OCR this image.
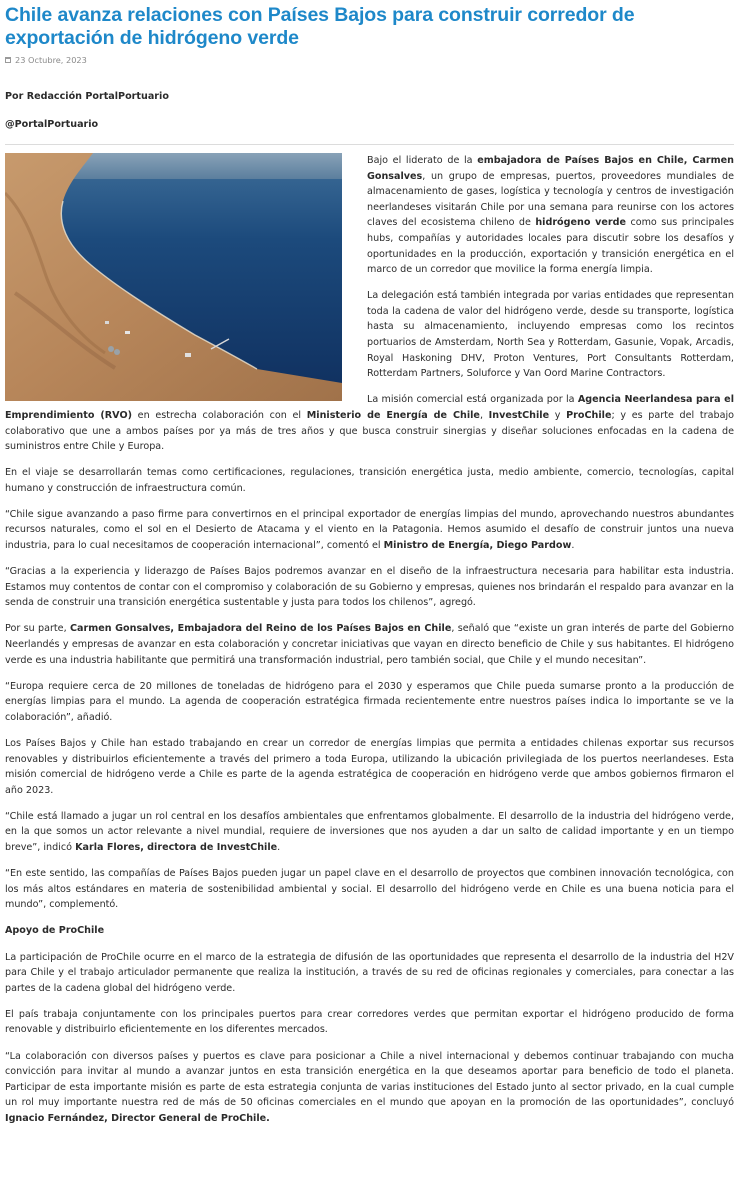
Chile avanza relaciones con Países Bajos para construir corredor de exportación de hidrógeno verde
23 Octubre, 2023

Por Redacción PortalPortuario

@PortalPortuario

Bajo el liderato de la embajadora de Países Bajos en Chile, Carmen Gonsalves, un grupo de empresas, puertos, proveedores mundiales de almacenamiento de gases, logística y tecnología y centros de investigación neerlandeses visitarán Chile por una semana para reunirse con los actores claves del ecosistema chileno de hidrógeno verde como sus principales hubs, compañías y autoridades locales para discutir sobre los desafíos y oportunidades en la producción, exportación y transición energética en el marco de un corredor que movilice la forma energía limpia.

La delegación está también integrada por varias entidades que representan toda la cadena de valor del hidrógeno verde, desde su transporte, logística hasta su almacenamiento, incluyendo empresas como los recintos portuarios de Amsterdam, North Sea y Rotterdam, Gasunie, Vopak, Arcadis, Royal Haskoning DHV, Proton Ventures, Port Consultants Rotterdam, Rotterdam Partners, Soluforce y Van Oord Marine Contractors.

La misión comercial está organizada por la Agencia Neerlandesa para el Emprendimiento (RVO) en estrecha colaboración con el Ministerio de Energía de Chile, InvestChile y ProChile; y es parte del trabajo colaborativo que une a ambos países por ya más de tres años y que busca construir sinergias y diseñar soluciones enfocadas en la cadena de suministros entre Chile y Europa.

En el viaje se desarrollarán temas como certificaciones, regulaciones, transición energética justa, medio ambiente, comercio, tecnologías, capital humano y construcción de infraestructura común.

“Chile sigue avanzando a paso firme para convertirnos en el principal exportador de energías limpias del mundo, aprovechando nuestros abundantes recursos naturales, como el sol en el Desierto de Atacama y el viento en la Patagonia. Hemos asumido el desafío de construir juntos una nueva industria, para lo cual necesitamos de cooperación internacional”, comentó el Ministro de Energía, Diego Pardow.

“Gracias a la experiencia y liderazgo de Países Bajos podremos avanzar en el diseño de la infraestructura necesaria para habilitar esta industria. Estamos muy contentos de contar con el compromiso y colaboración de su Gobierno y empresas, quienes nos brindarán el respaldo para avanzar en la senda de construir una transición energética sustentable y justa para todos los chilenos”, agregó.

Por su parte, Carmen Gonsalves, Embajadora del Reino de los Países Bajos en Chile, señaló que “existe un gran interés de parte del Gobierno Neerlandés y empresas de avanzar en esta colaboración y concretar iniciativas que vayan en directo beneficio de Chile y sus habitantes. El hidrógeno verde es una industria habilitante que permitirá una transformación industrial, pero también social, que Chile y el mundo necesitan”.

“Europa requiere cerca de 20 millones de toneladas de hidrógeno para el 2030 y esperamos que Chile pueda sumarse pronto a la producción de energías limpias para el mundo. La agenda de cooperación estratégica firmada recientemente entre nuestros países indica lo importante se ve la colaboración”, añadió.

Los Países Bajos y Chile han estado trabajando en crear un corredor de energías limpias que permita a entidades chilenas exportar sus recursos renovables y distribuirlos eficientemente a través del primero a toda Europa, utilizando la ubicación privilegiada de los puertos neerlandeses. Esta misión comercial de hidrógeno verde a Chile es parte de la agenda estratégica de cooperación en hidrógeno verde que ambos gobiernos firmaron el año 2023.

“Chile está llamado a jugar un rol central en los desafíos ambientales que enfrentamos globalmente. El desarrollo de la industria del hidrógeno verde, en la que somos un actor relevante a nivel mundial, requiere de inversiones que nos ayuden a dar un salto de calidad importante y en un tiempo breve”, indicó Karla Flores, directora de InvestChile.

“En este sentido, las compañías de Países Bajos pueden jugar un papel clave en el desarrollo de proyectos que combinen innovación tecnológica, con los más altos estándares en materia de sostenibilidad ambiental y social. El desarrollo del hidrógeno verde en Chile es una buena noticia para el mundo”, complementó.

Apoyo de ProChile

La participación de ProChile ocurre en el marco de la estrategia de difusión de las oportunidades que representa el desarrollo de la industria del H2V para Chile y el trabajo articulador permanente que realiza la institución, a través de su red de oficinas regionales y comerciales, para conectar a las partes de la cadena global del hidrógeno verde.

El país trabaja conjuntamente con los principales puertos para crear corredores verdes que permitan exportar el hidrógeno producido de forma renovable y distribuirlo eficientemente en los diferentes mercados.

“La colaboración con diversos países y puertos es clave para posicionar a Chile a nivel internacional y debemos continuar trabajando con mucha convicción para invitar al mundo a avanzar juntos en esta transición energética en la que deseamos aportar para beneficio de todo el planeta. Participar de esta importante misión es parte de esta estrategia conjunta de varias instituciones del Estado junto al sector privado, en la cual cumple un rol muy importante nuestra red de más de 50 oficinas comerciales en el mundo que apoyan en la promoción de las oportunidades”, concluyó Ignacio Fernández, Director General de ProChile.
